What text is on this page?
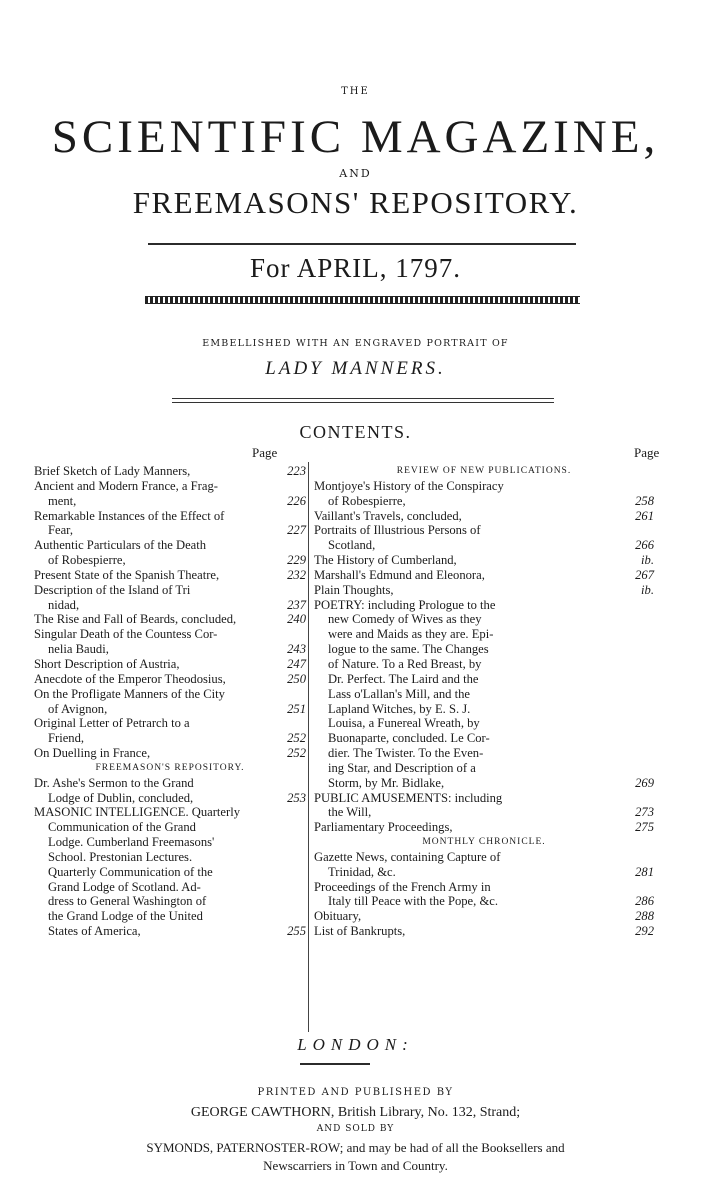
THE
SCIENTIFIC MAGAZINE,
AND
FREEMASONS' REPOSITORY.
For APRIL, 1797.
EMBELLISHED WITH AN ENGRAVED PORTRAIT OF
LADY MANNERS.
CONTENTS.
Page	Page
Brief Sketch of Lady Manners,	223
Ancient and Modern France, a Frag-
ment,	226
Remarkable Instances of the Effect of
Fear,	227
Authentic Particulars of the Death
of Robespierre,	229
Present State of the Spanish Theatre,	232
Description of the Island of Tri
nidad,	237
The Rise and Fall of Beards, concluded,	240
Singular Death of the Countess Cor-
nelia Baudi,	243
Short Description of Austria,	247
Anecdote of the Emperor Theodosius,	250
On the Profligate Manners of the City
of Avignon,	251
Original Letter of Petrarch to a
Friend,	252
On Duelling in France,	252
FREEMASON'S REPOSITORY.
Dr. Ashe's Sermon to the Grand
Lodge of Dublin, concluded,	253
MASONIC INTELLIGENCE. Quarterly
Communication of the Grand
Lodge. Cumberland Freemasons'
School. Prestonian Lectures.
Quarterly Communication of the
Grand Lodge of Scotland. Ad-
dress to General Washington of
the Grand Lodge of the United
States of America,	255
REVIEW OF NEW PUBLICATIONS.
Montjoye's History of the Conspiracy
of Robespierre,	258
Vaillant's Travels, concluded,	261
Portraits of Illustrious Persons of
Scotland,	266
The History of Cumberland,	ib.
Marshall's Edmund and Eleonora,	267
Plain Thoughts,	ib.
POETRY: including Prologue to the
new Comedy of Wives as they
were and Maids as they are. Epi-
logue to the same. The Changes
of Nature. To a Red Breast, by
Dr. Perfect. The Laird and the
Lass o'Lallan's Mill, and the
Lapland Witches, by E. S. J.
Louisa, a Funereal Wreath, by
Buonaparte, concluded. Le Cor-
dier. The Twister. To the Even-
ing Star, and Description of a
Storm, by Mr. Bidlake,	269
PUBLIC AMUSEMENTS: including
the Will,	273
Parliamentary Proceedings,	275
MONTHLY CHRONICLE.
Gazette News, containing Capture of
Trinidad, &c.	281
Proceedings of the French Army in
Italy till Peace with the Pope, &c.	286
Obituary,	288
List of Bankrupts,	292
LONDON:
PRINTED AND PUBLISHED BY
GEORGE CAWTHORN, British Library, No. 132, Strand;
AND SOLD BY
SYMONDS, PATERNOSTER-ROW; and may be had of all the Booksellers and
Newscarriers in Town and Country.
